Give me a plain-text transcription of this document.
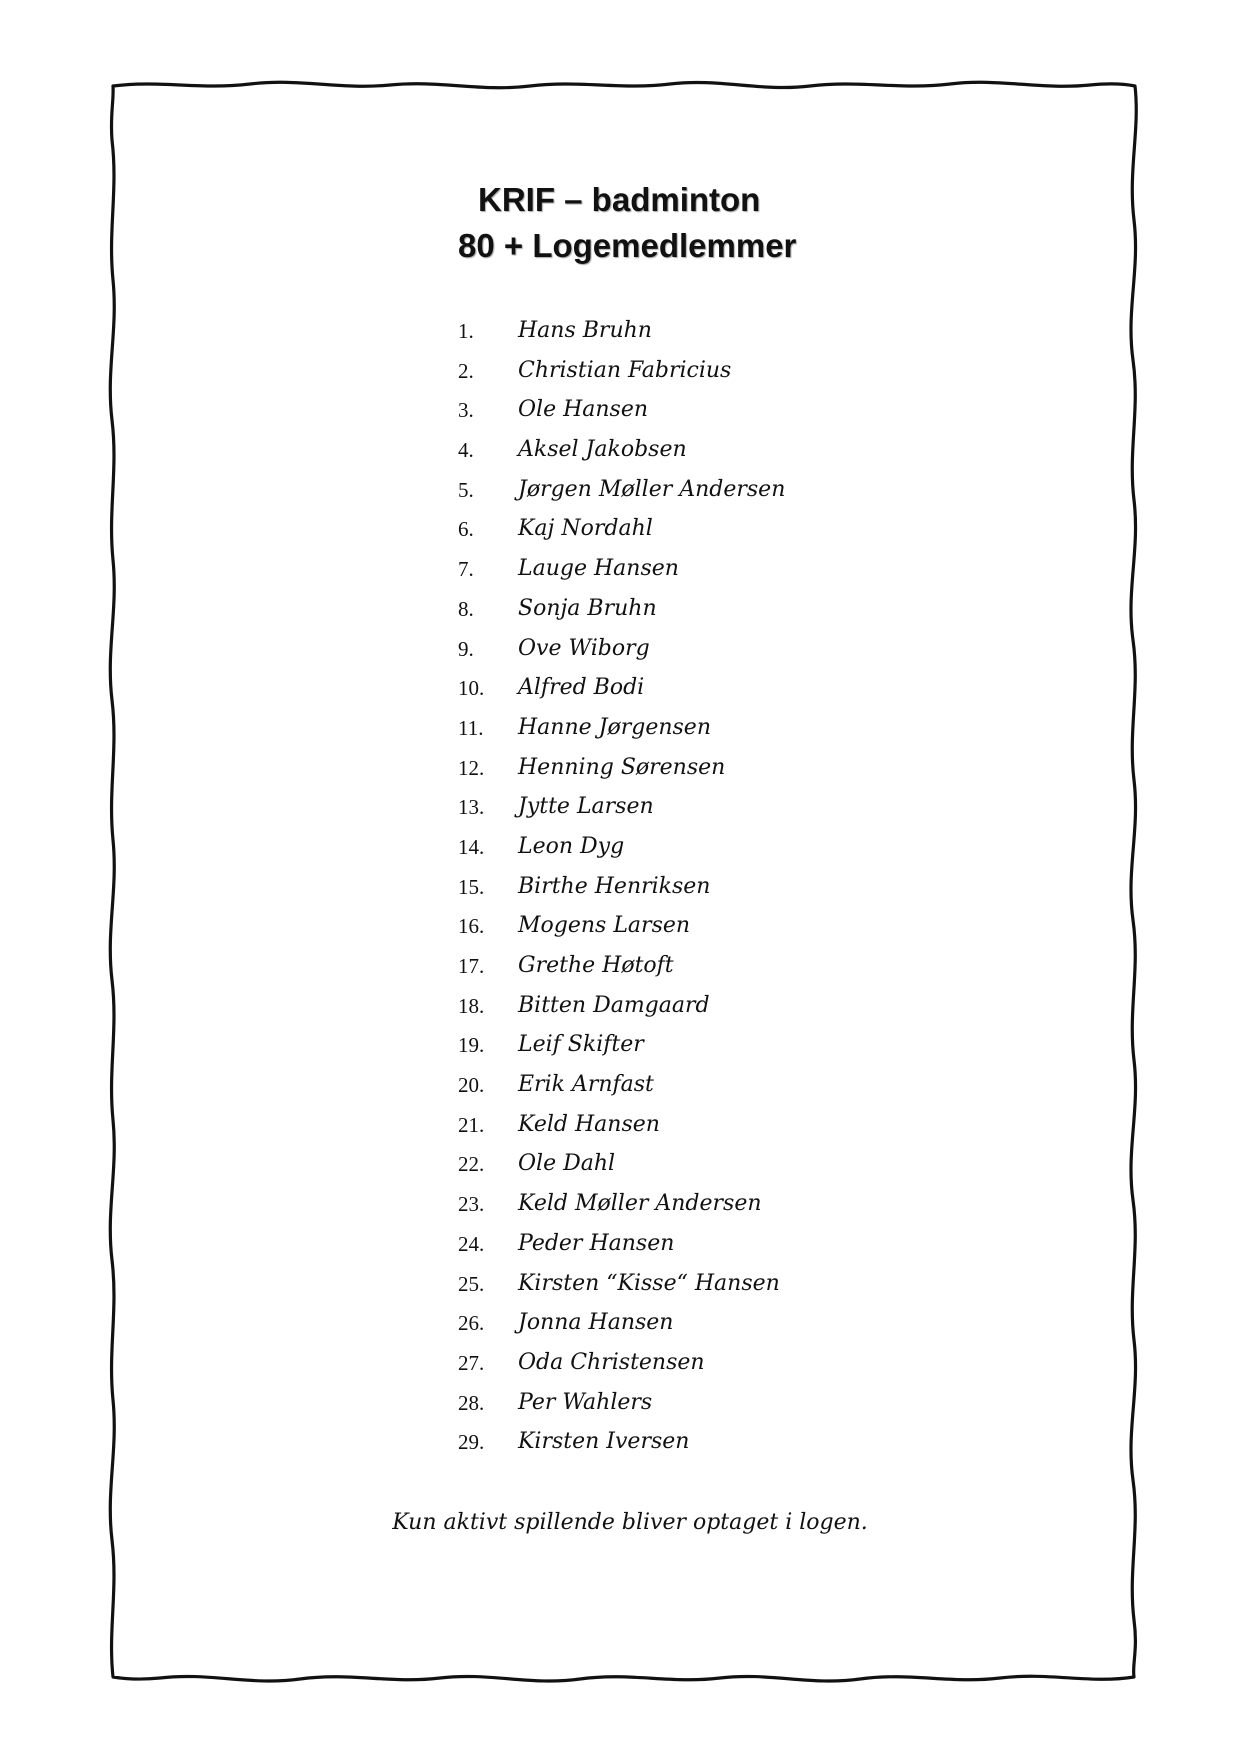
KRIF – badminton
80 + Logemedlemmer
1. Hans Bruhn
2. Christian Fabricius
3. Ole Hansen
4. Aksel Jakobsen
5. Jørgen Møller Andersen
6. Kaj Nordahl
7. Lauge Hansen
8. Sonja Bruhn
9. Ove Wiborg
10. Alfred Bodi
11. Hanne Jørgensen
12. Henning Sørensen
13. Jytte Larsen
14. Leon Dyg
15. Birthe Henriksen
16. Mogens Larsen
17. Grethe Høtoft
18. Bitten Damgaard
19. Leif Skifter
20. Erik Arnfast
21. Keld Hansen
22. Ole Dahl
23. Keld Møller Andersen
24. Peder Hansen
25. Kirsten “Kisse“ Hansen
26. Jonna Hansen
27. Oda Christensen
28. Per Wahlers
29. Kirsten Iversen
Kun aktivt spillende bliver optaget i logen.
